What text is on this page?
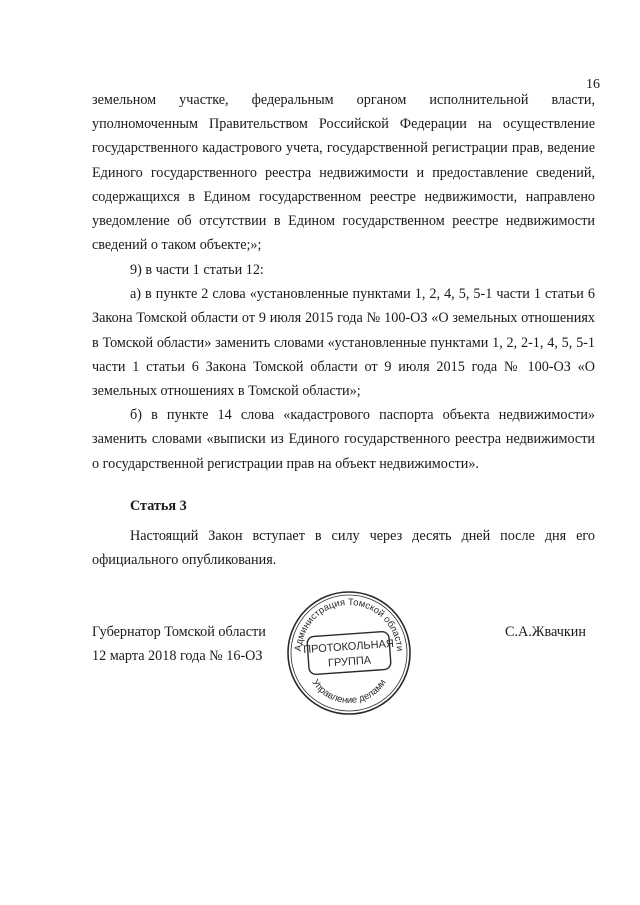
16

земельном участке, федеральным органом исполнительной власти,

уполномоченным Правительством Российской Федерации на осуществление государственного кадастрового учета, государственной регистрации прав, ведение Единого государственного реестра недвижимости и предоставление сведений, содержащихся в Едином государственном реестре недвижимости, направлено уведомление об отсутствии в Едином государственном реестре недвижимости сведений о таком объекте;»;

9) в части 1 статьи 12:

а) в пункте 2 слова «установленные пунктами 1, 2, 4, 5, 5-1 части 1 статьи 6 Закона Томской области от 9 июля 2015 года № 100-ОЗ «О земельных отношениях в Томской области» заменить словами «установленные пунктами 1, 2, 2-1, 4, 5, 5-1 части 1 статьи 6 Закона Томской области от 9 июля 2015 года № 100-ОЗ «О земельных отношениях в Томской области»;

б) в пункте 14 слова «кадастрового паспорта объекта недвижимости» заменить словами «выписки из Единого государственного реестра недвижимости о государственной регистрации прав на объект недвижимости».

Статья 3

Настоящий Закон вступает в силу через десять дней после дня его официального опубликования.

Губернатор Томской области
12 марта 2018 года № 16-ОЗ
С.А.Жвачкин
Администрация Томской области
Управление делами
ПРОТОКОЛЬНАЯ
ГРУППА
